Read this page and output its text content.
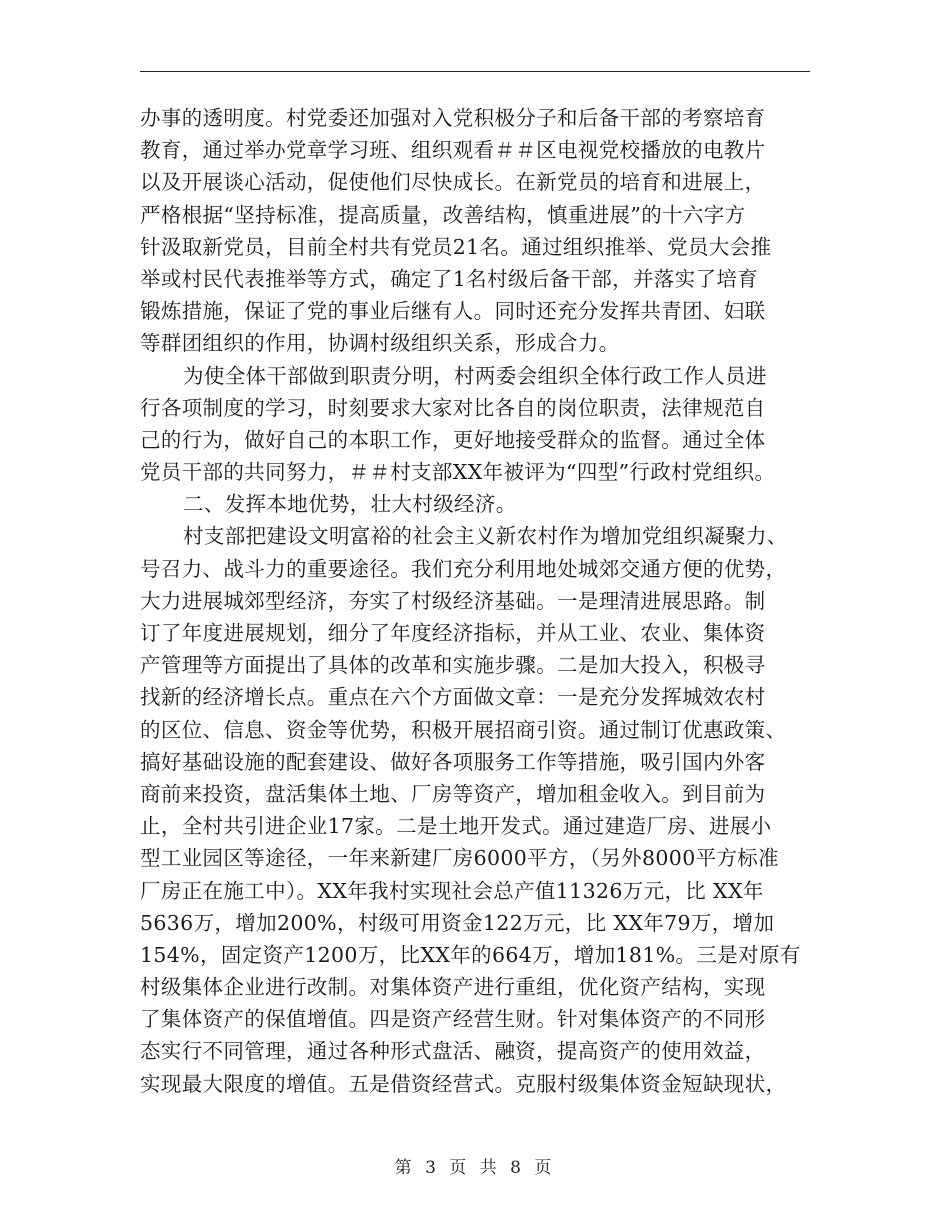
办事的透明度。村党委还加强对入党积极分子和后备干部的考察培育
教育，通过举办党章学习班、组织观看＃＃区电视党校播放的电教片
以及开展谈心活动，促使他们尽快成长。在新党员的培育和进展上，
严格根据“坚持标准，提高质量，改善结构，慎重进展”的十六字方
针汲取新党员，目前全村共有党员21名。通过组织推举、党员大会推
举或村民代表推举等方式，确定了1名村级后备干部，并落实了培育
锻炼措施，保证了党的事业后继有人。同时还充分发挥共青团、妇联
等群团组织的作用，协调村级组织关系，形成合力。
为使全体干部做到职责分明，村两委会组织全体行政工作人员进
行各项制度的学习，时刻要求大家对比各自的岗位职责，法律规范自
己的行为，做好自己的本职工作，更好地接受群众的监督。通过全体
党员干部的共同努力，＃＃村支部XX年被评为“四型”行政村党组织。
二、发挥本地优势，壮大村级经济。
村支部把建设文明富裕的社会主义新农村作为增加党组织凝聚力、
号召力、战斗力的重要途径。我们充分利用地处城郊交通方便的优势，
大力进展城郊型经济，夯实了村级经济基础。一是理清进展思路。制
订了年度进展规划，细分了年度经济指标，并从工业、农业、集体资
产管理等方面提出了具体的改革和实施步骤。二是加大投入，积极寻
找新的经济增长点。重点在六个方面做文章：一是充分发挥城效农村
的区位、信息、资金等优势，积极开展招商引资。通过制订优惠政策、
搞好基础设施的配套建设、做好各项服务工作等措施，吸引国内外客
商前来投资，盘活集体土地、厂房等资产，增加租金收入。到目前为
止，全村共引进企业17家。二是土地开发式。通过建造厂房、进展小
型工业园区等途径，一年来新建厂房6000平方，（另外8000平方标准
厂房正在施工中）。XX年我村实现社会总产值11326万元，比 XX年
5636万，增加200%，村级可用资金122万元，比 XX年79万，增加
154%，固定资产1200万，比XX年的664万，增加181%。三是对原有
村级集体企业进行改制。对集体资产进行重组，优化资产结构，实现
了集体资产的保值增值。四是资产经营生财。针对集体资产的不同形
态实行不同管理，通过各种形式盘活、融资，提高资产的使用效益，
实现最大限度的增值。五是借资经营式。克服村级集体资金短缺现状，
第 3 页 共 8 页
